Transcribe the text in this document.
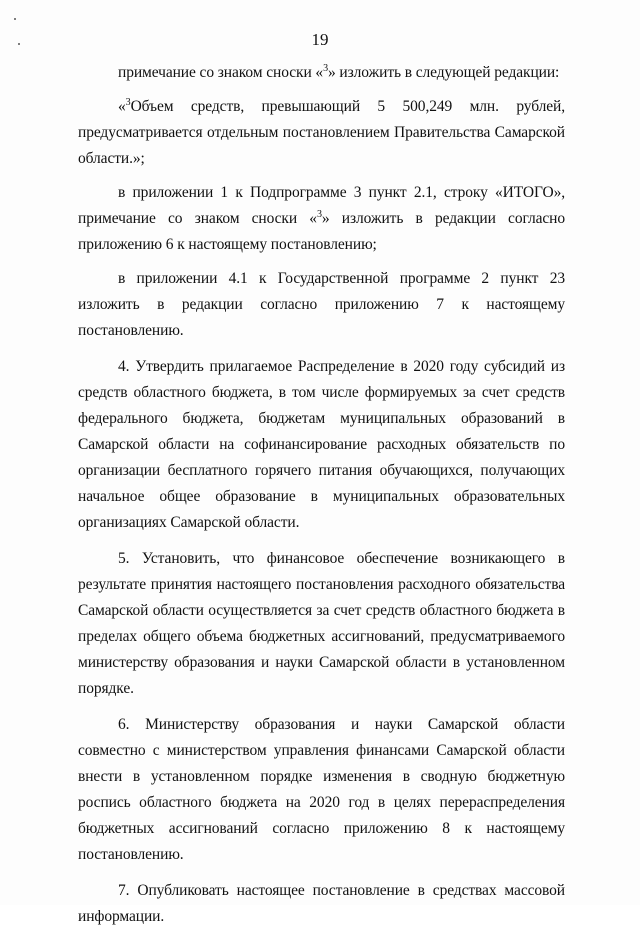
19

примечание со знаком сноски «$^3$» изложить в следующей редакции:

«$^3$Объем средств, превышающий 5 500,249 млн. рублей, предусматривается отдельным постановлением Правительства Самарской области.»;

в приложении 1 к Подпрограмме 3 пункт 2.1, строку «ИТОГО», примечание со знаком сноски «$^3$» изложить в редакции согласно приложению 6 к настоящему постановлению;

в приложении 4.1 к Государственной программе 2 пункт 23 изложить в редакции согласно приложению 7 к настоящему постановлению.

4. Утвердить прилагаемое Распределение в 2020 году субсидий из средств областного бюджета, в том числе формируемых за счет средств федерального бюджета, бюджетам муниципальных образований в Самарской области на софинансирование расходных обязательств по организации бесплатного горячего питания обучающихся, получающих начальное общее образование в муниципальных образовательных организациях Самарской области.

5. Установить, что финансовое обеспечение возникающего в результате принятия настоящего постановления расходного обязательства Самарской области осуществляется за счет средств областного бюджета в пределах общего объема бюджетных ассигнований, предусматриваемого министерству образования и науки Самарской области в установленном порядке.

6. Министерству образования и науки Самарской области совместно с министерством управления финансами Самарской области внести в установленном порядке изменения в сводную бюджетную роспись областного бюджета на 2020 год в целях перераспределения бюджетных ассигнований согласно приложению 8 к настоящему постановлению.

7. Опубликовать настоящее постановление в средствах массовой информации.
